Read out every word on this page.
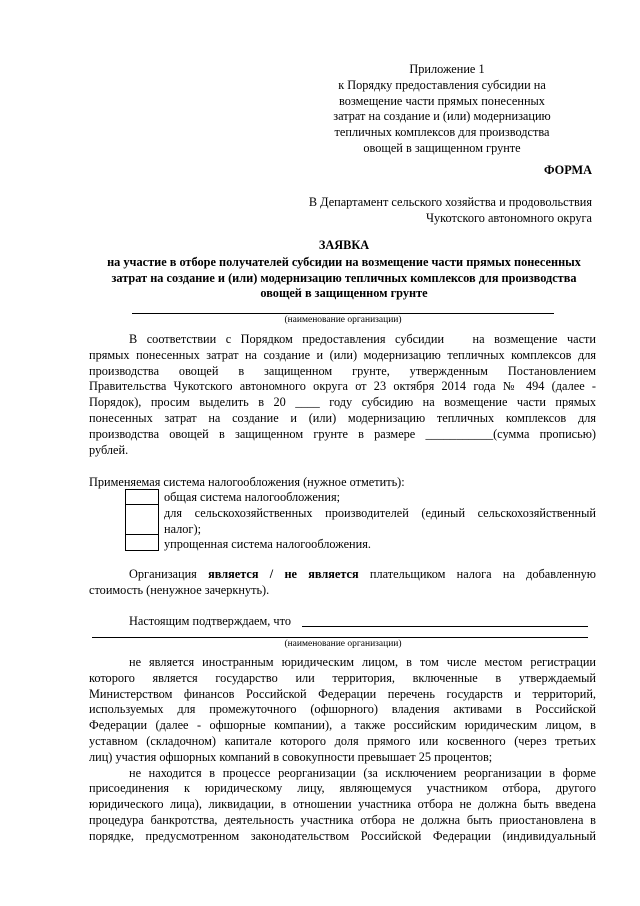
Приложение 1
к Порядку предоставления субсидии на
возмещение части прямых понесенных
затрат на создание и (или) модернизацию
тепличных комплексов для производства
овощей в защищенном грунте
ФОРМА
В Департамент сельского хозяйства и продовольствия
Чукотского автономного округа
ЗАЯВКА
на участие в отборе получателей субсидии на возмещение части прямых понесенных
затрат на создание и (или) модернизацию тепличных комплексов для производства
овощей в защищенном грунте
(наименование организации)
В соответствии с Порядком предоставления субсидии   на возмещение части
прямых понесенных затрат на создание и (или) модернизацию тепличных комплексов для
производства овощей в защищенном грунте, утвержденным Постановлением
Правительства Чукотского автономного округа от 23 октября 2014 года № 494 (далее -
Порядок), просим выделить в 20 ____ году субсидию на возмещение части прямых
понесенных затрат на создание и (или) модернизацию тепличных комплексов для
производства овощей в защищенном грунте в размере ___________(сумма прописью)
рублей.
Применяемая система налогообложения (нужное отметить):
общая система налогообложения;
для сельскохозяйственных производителей (единый сельскохозяйственный
налог);
упрощенная система налогообложения.
Организация является / не является плательщиком налога на добавленную
стоимость (ненужное зачеркнуть).
Настоящим подтверждаем, что
(наименование организации)
не является иностранным юридическим лицом, в том числе местом регистрации
которого является государство или территория, включенные в утверждаемый
Министерством финансов Российской Федерации перечень государств и территорий,
используемых для промежуточного (офшорного) владения активами в Российской
Федерации (далее - офшорные компании), а также российским юридическим лицом, в
уставном (складочном) капитале которого доля прямого или косвенного (через третьих
лиц) участия офшорных компаний в совокупности превышает 25 процентов;
не находится в процессе реорганизации (за исключением реорганизации в форме
присоединения к юридическому лицу, являющемуся участником отбора, другого
юридического лица), ликвидации, в отношении участника отбора не должна быть введена
процедура банкротства, деятельность участника отбора не должна быть приостановлена в
порядке, предусмотренном законодательством Российской Федерации (индивидуальный
